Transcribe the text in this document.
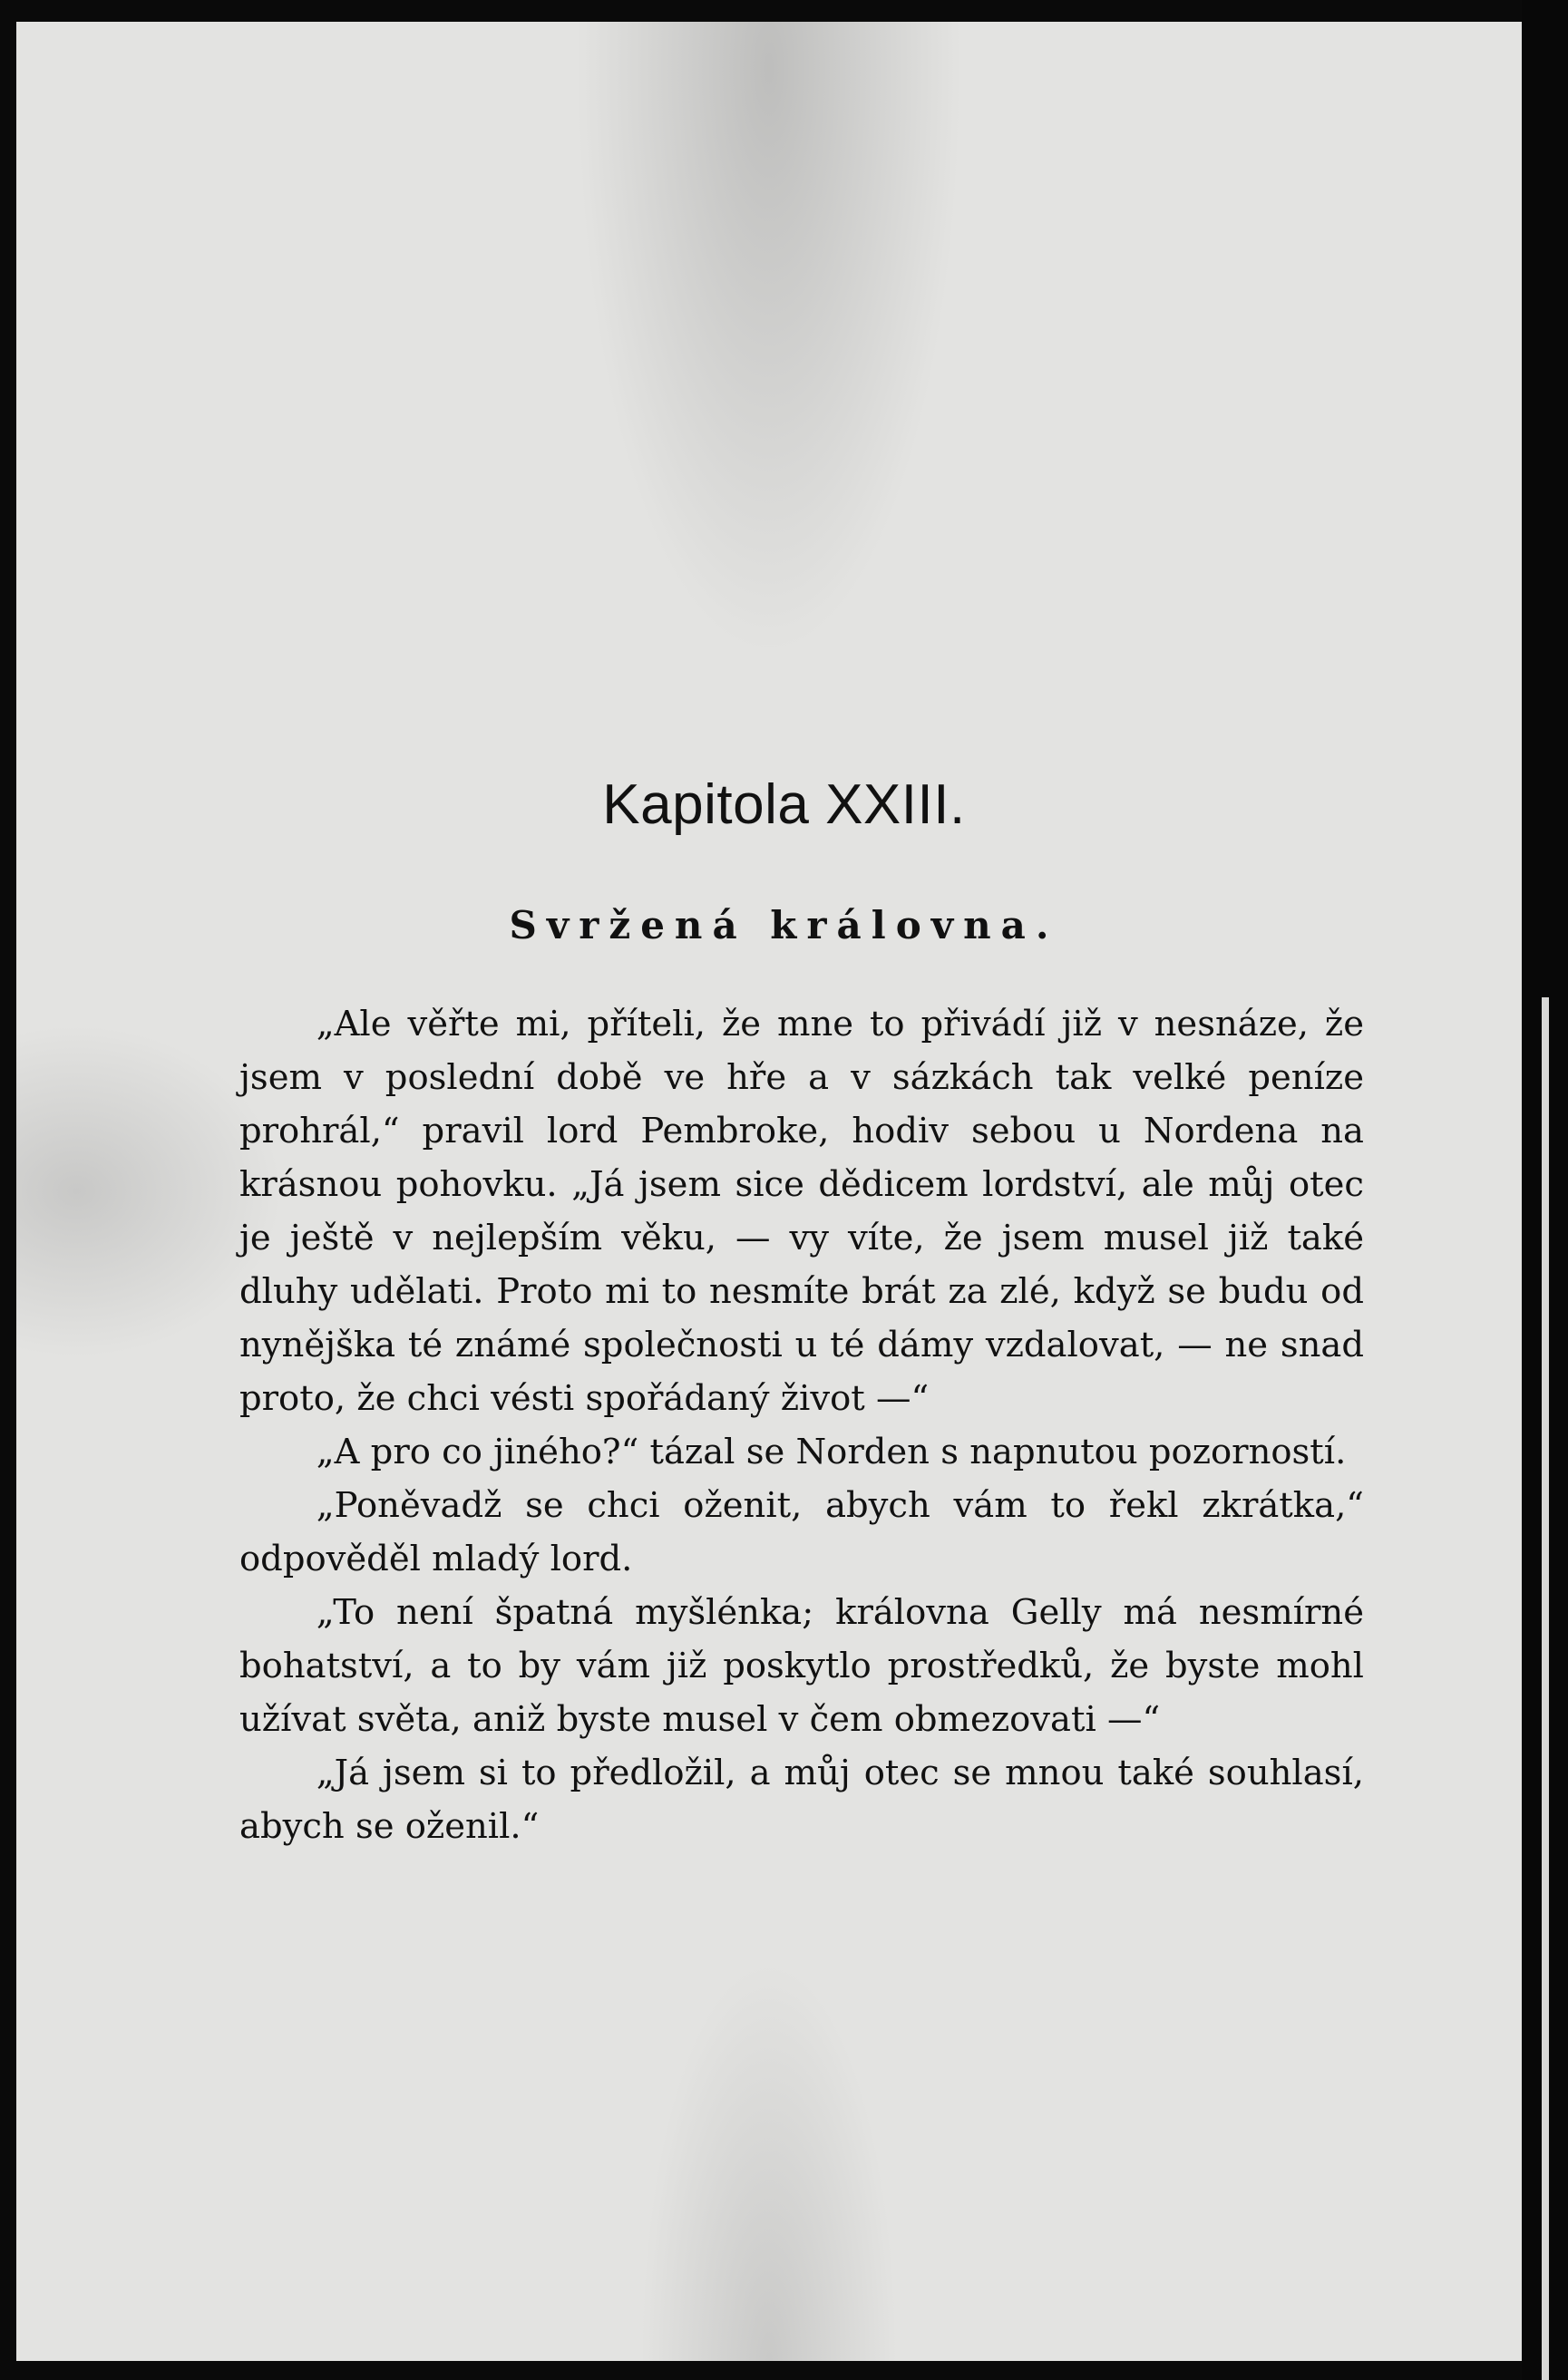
Kapitola XXIII.
Svržená královna.

„Ale věřte mi, příteli, že mne to přivádí již v nesnáze, že jsem v poslední době ve hře a v sázkách tak velké peníze prohrál,“ pravil lord Pembroke, hodiv sebou u Nordena na krásnou pohovku. „Já jsem sice dědicem lordství, ale můj otec je ještě v nejlepším věku, — vy víte, že jsem musel již také dluhy udělati. Proto mi to nesmíte brát za zlé, když se budu od nynějška té známé společnosti u té dámy vzdalovat, — ne snad proto, že chci vésti spořádaný život —“

„A pro co jiného?“ tázal se Norden s napnutou pozorností.

„Poněvadž se chci oženit, abych vám to řekl zkrátka,“ odpověděl mladý lord.

„To není špatná myšlénka; královna Gelly má nesmírné bohatství, a to by vám již poskytlo prostředků, že byste mohl užívat světa, aniž byste musel v čem obmezovati —“

„Já jsem si to předložil, a můj otec se mnou také souhlasí, abych se oženil.“
